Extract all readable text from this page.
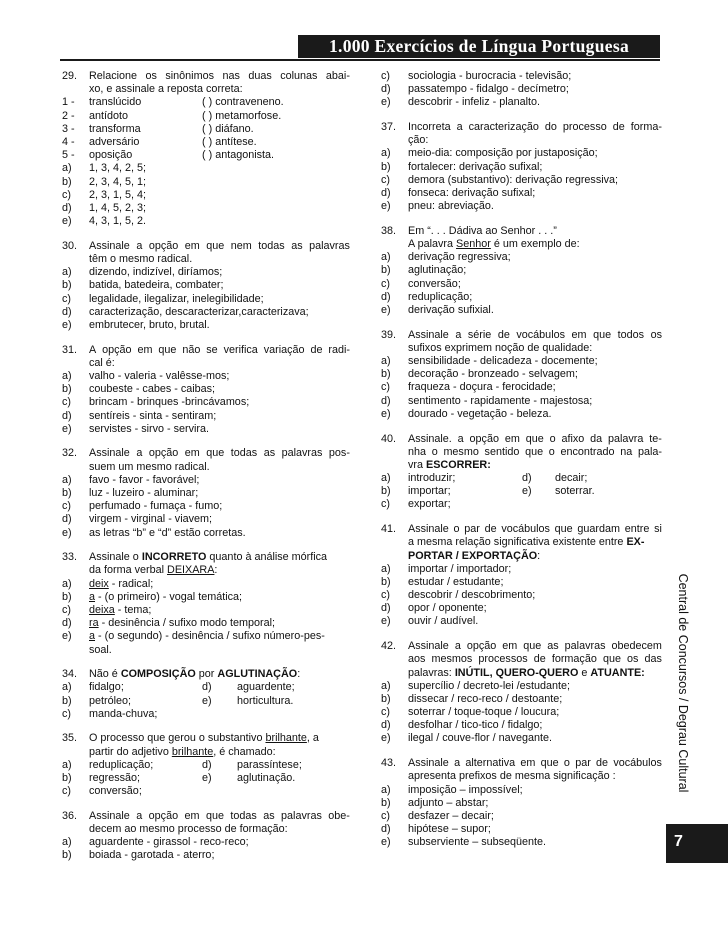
1.000 Exercícios de Língua Portuguesa
29. Relacione os sinônimos nas duas colunas abai-
xo, e assinale a reposta correta:
1 - translúcido	( ) contraveneno.
2 - antídoto	( ) metamorfose.
3 - transforma	( ) diáfano.
4 - adversário	( ) antítese.
5 - oposição	( ) antagonista.
a) 1, 3, 4, 2, 5;
b) 2, 3, 4, 5, 1;
c) 2, 3, 1, 5, 4;
d) 1, 4, 5, 2, 3;
e) 4, 3, 1, 5, 2.
30. Assinale a opção em que nem todas as palavras
têm o mesmo radical.
a) dizendo, indizível, diríamos;
b) batida, batedeira, combater;
c) legalidade, ilegalizar, inelegibilidade;
d) caracterização, descaracterizar,caracterizava;
e) embrutecer, bruto, brutal.
31. A opção em que não se verifica variação de radi-
cal é:
a) valho - valeria - valêsse-mos;
b) coubeste - cabes - caibas;
c) brincam - brinques -brincávamos;
d) sentíreis - sinta - sentiram;
e) servistes - sirvo - servira.
32. Assinale a opção em que todas as palavras pos-
suem um mesmo radical.
a) favo - favor - favorável;
b) luz - luzeiro - aluminar;
c) perfumado - fumaça - fumo;
d) virgem - virginal - viavem;
e) as letras “b” e “d” estão corretas.
33. Assinale o INCORRETO quanto à análise mórfica
da forma verbal DEIXARA:
a) deix - radical;
b) a - (o primeiro) - vogal temática;
c) deixa - tema;
d) ra - desinência / sufixo modo temporal;
e) a - (o segundo) - desinência / sufixo número-pes-
soal.
34. Não é COMPOSIÇÃO por AGLUTINAÇÃO:
a) fidalgo;	d) aguardente;
b) petróleo;	e) horticultura.
c) manda-chuva;
35. O processo que gerou o substantivo brilhante, a
partir do adjetivo brilhante, é chamado:
a) reduplicação;	d) parassíntese;
b) regressão;	e) aglutinação.
c) conversão;
36. Assinale a opção em que todas as palavras obe-
decem ao mesmo processo de formação:
a) aguardente - girassol - reco-reco;
b) boiada - garotada - aterro;
c) sociologia - burocracia - televisão;
d) passatempo - fidalgo - decímetro;
e) descobrir - infeliz - planalto.
37. Incorreta a caracterização do processo de forma-
ção:
a) meio-dia: composição por justaposição;
b) fortalecer: derivação sufixal;
c) demora (substantivo): derivação regressiva;
d) fonseca: derivação sufixal;
e) pneu: abreviação.
38. Em “. . . Dádiva ao Senhor . . .”
A palavra Senhor é um exemplo de:
a) derivação regressiva;
b) aglutinação;
c) conversão;
d) reduplicação;
e) derivação sufixial.
39. Assinale a série de vocábulos em que todos os
sufixos exprimem noção de qualidade:
a) sensibilidade - delicadeza - docemente;
b) decoração - bronzeado - selvagem;
c) fraqueza - doçura - ferocidade;
d) sentimento - rapidamente - majestosa;
e) dourado - vegetação - beleza.
40. Assinale. a opção em que o afixo da palavra te-
nha o mesmo sentido que o encontrado na pala-
vra ESCORRER:
a) introduzir;	d) decair;
b) importar;	e) soterrar.
c) exportar;
41. Assinale o par de vocábulos que guardam entre si
a mesma relação significativa existente entre EX-
PORTAR / EXPORTAÇÃO:
a) importar / importador;
b) estudar / estudante;
c) descobrir / descobrimento;
d) opor / oponente;
e) ouvir / audível.
42. Assinale a opção em que as palavras obedecem
aos mesmos processos de formação que os das
palavras: INÚTIL, QUERO-QUERO e ATUANTE:
a) supercílio / decreto-lei /estudante;
b) dissecar / reco-reco / destoante;
c) soterrar / toque-toque / loucura;
d) desfolhar / tico-tico / fidalgo;
e) ilegal / couve-flor / navegante.
43. Assinale a alternativa em que o par de vocábulos
apresenta prefixos de mesma significação :
a) imposição – impossível;
b) adjunto – abstar;
c) desfazer – decair;
d) hipótese – supor;
e) subserviente – subseqüente.
Central de Concursos / Degrau Cultural
7
